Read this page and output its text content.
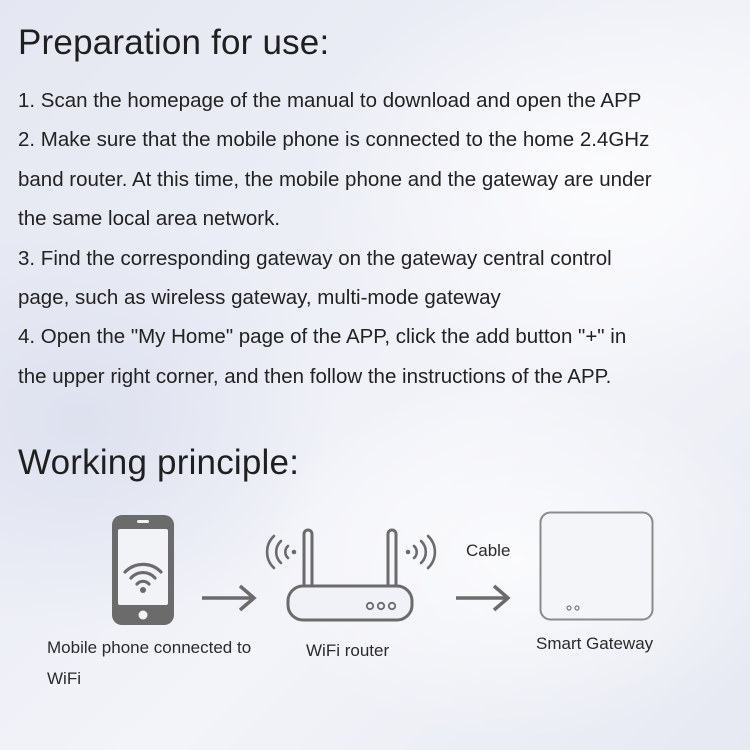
Preparation for use:
1. Scan the homepage of the manual to download and open the APP
2. Make sure that the mobile phone is connected to the home 2.4GHz
band router. At this time, the mobile phone and the gateway are under
the same local area network.
3. Find the corresponding gateway on the gateway central control
page, such as wireless gateway, multi-mode gateway
4. Open the "My Home" page of the APP, click the add button "+" in
the upper right corner, and then follow the instructions of the APP.
Working principle:
Cable
Mobile phone connected to WiFi
WiFi router	Smart Gateway
